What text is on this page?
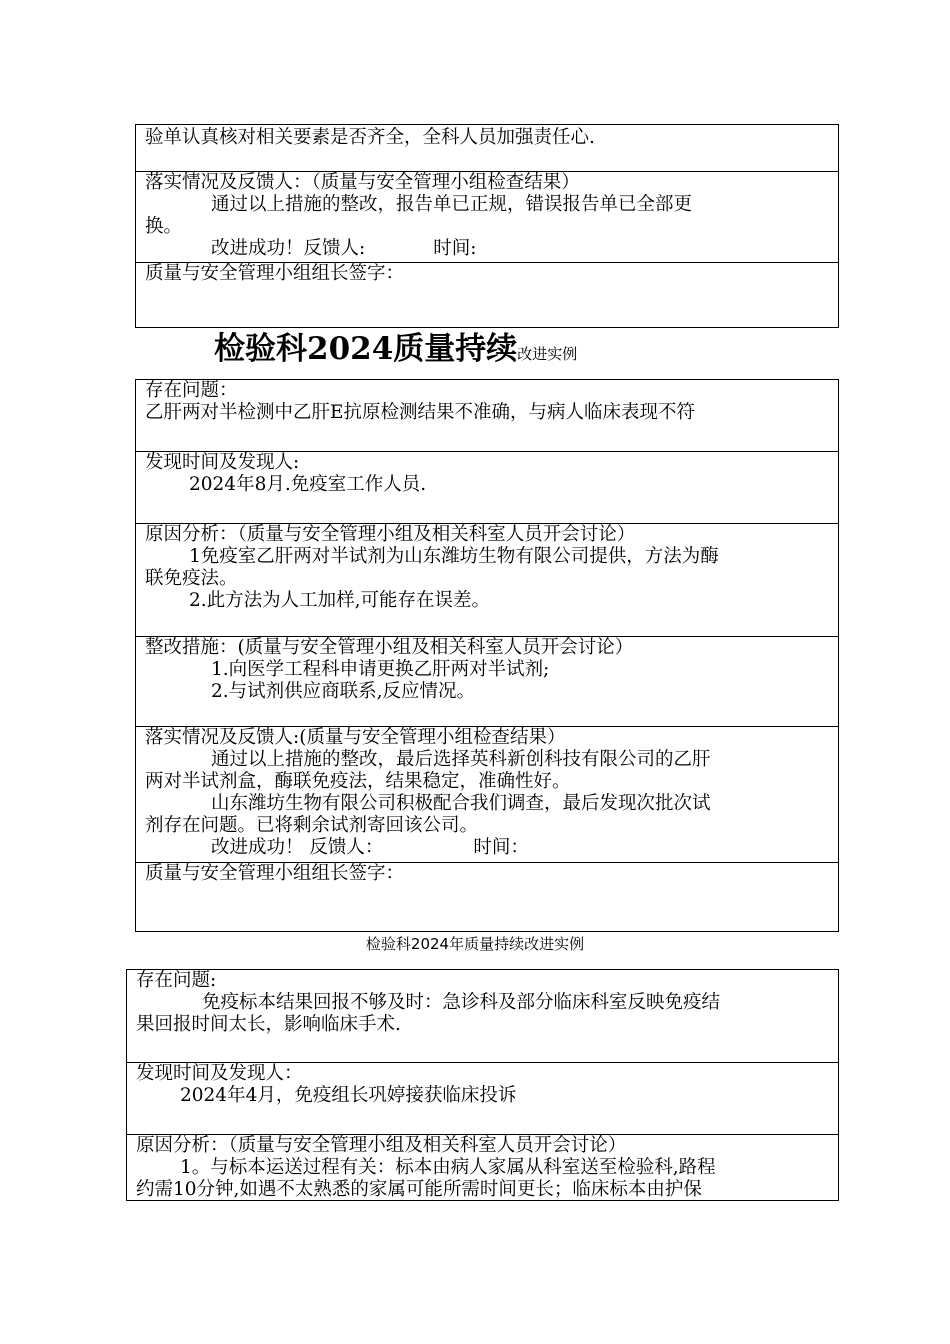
验单认真核对相关要素是否齐全，全科人员加强责任心.
落实情况及反馈人：（质量与安全管理小组检查结果）
通过以上措施的整改，报告单已正规，错误报告单已全部更
换。
改进成功！反馈人:	时间:
质量与安全管理小组组长签字：
检验科2024质量持续改进实例
存在问题：
乙肝两对半检测中乙肝E抗原检测结果不准确，与病人临床表现不符
发现时间及发现人:
2024年8月.免疫室工作人员.
原因分析：（质量与安全管理小组及相关科室人员开会讨论）
1免疫室乙肝两对半试剂为山东潍坊生物有限公司提供，方法为酶
联免疫法。
2.此方法为人工加样,可能存在误差。
整改措施：(质量与安全管理小组及相关科室人员开会讨论）
1.向医学工程科申请更换乙肝两对半试剂;
2.与试剂供应商联系,反应情况。
落实情况及反馈人:(质量与安全管理小组检查结果）
通过以上措施的整改，最后选择英科新创科技有限公司的乙肝
两对半试剂盒，酶联免疫法，结果稳定，准确性好。
山东潍坊生物有限公司积极配合我们调查，最后发现次批次试
剂存在问题。已将剩余试剂寄回该公司。
改进成功！ 反馈人：	时间：
质量与安全管理小组组长签字：
检验科2024年质量持续改进实例
存在问题:
免疫标本结果回报不够及时：急诊科及部分临床科室反映免疫结
果回报时间太长，影响临床手术.
发现时间及发现人：
2024年4月，免疫组长巩婷接获临床投诉
原因分析：（质量与安全管理小组及相关科室人员开会讨论）
1。与标本运送过程有关：标本由病人家属从科室送至检验科,路程
约需10分钟,如遇不太熟悉的家属可能所需时间更长；临床标本由护保
